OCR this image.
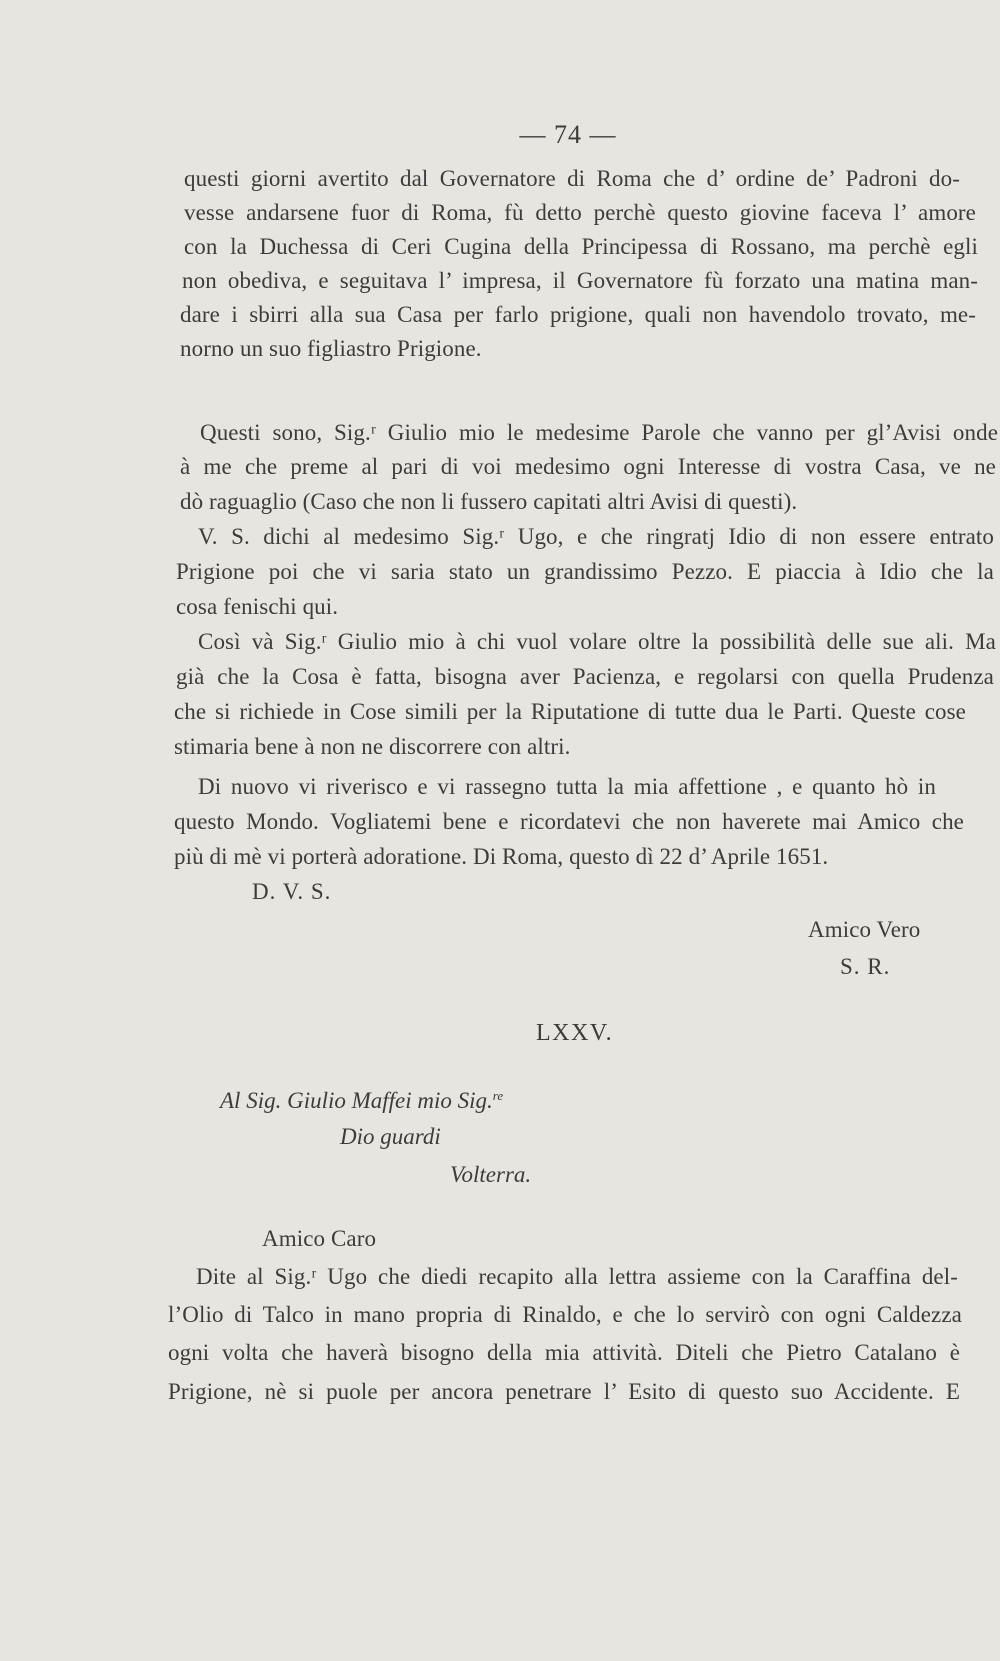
— 74 —
questi giorni avertito dal Governatore di Roma che d’ ordine de’ Padroni do-
vesse andarsene fuor di Roma, fù detto perchè questo giovine faceva l’ amore
con la Duchessa di Ceri Cugina della Principessa di Rossano, ma perchè egli
non obediva, e seguitava l’ impresa, il Governatore fù forzato una matina man-
dare i sbirri alla sua Casa per farlo prigione, quali non havendolo trovato, me-
norno un suo figliastro Prigione.
Questi sono, Sig.ʳ Giulio mio le medesime Parole che vanno per gl’Avisi onde
à me che preme al pari di voi medesimo ogni Interesse di vostra Casa, ve ne
dò raguaglio (Caso che non li fussero capitati altri Avisi di questi).
V. S. dichi al medesimo Sig.ʳ Ugo, e che ringratj Idio di non essere entrato
Prigione poi che vi saria stato un grandissimo Pezzo. E piaccia à Idio che la
cosa fenischi qui.
Così và Sig.ʳ Giulio mio à chi vuol volare oltre la possibilità delle sue ali. Ma
già che la Cosa è fatta, bisogna aver Pacienza, e regolarsi con quella Prudenza
che si richiede in Cose simili per la Riputatione di tutte dua le Parti. Queste cose
stimaria bene à non ne discorrere con altri.
Di nuovo vi riverisco e vi rassegno tutta la mia affettione , e quanto hò in
questo Mondo. Vogliatemi bene e ricordatevi che non haverete mai Amico che
più di mè vi porterà adoratione. Di Roma, questo dì 22 d’ Aprile 1651.
D. V. S.
Amico Vero
S. R.
LXXV.
Al Sig. Giulio Maffei mio Sig.$^{re}$
Dio guardi
Volterra.
Amico Caro
Dite al Sig.ʳ Ugo che diedi recapito alla lettra assieme con la Caraffina del-
l’Olio di Talco in mano propria di Rinaldo, e che lo servirò con ogni Caldezza
ogni volta che haverà bisogno della mia attività. Diteli che Pietro Catalano è
Prigione, nè si puole per ancora penetrare l’ Esito di questo suo Accidente. E
